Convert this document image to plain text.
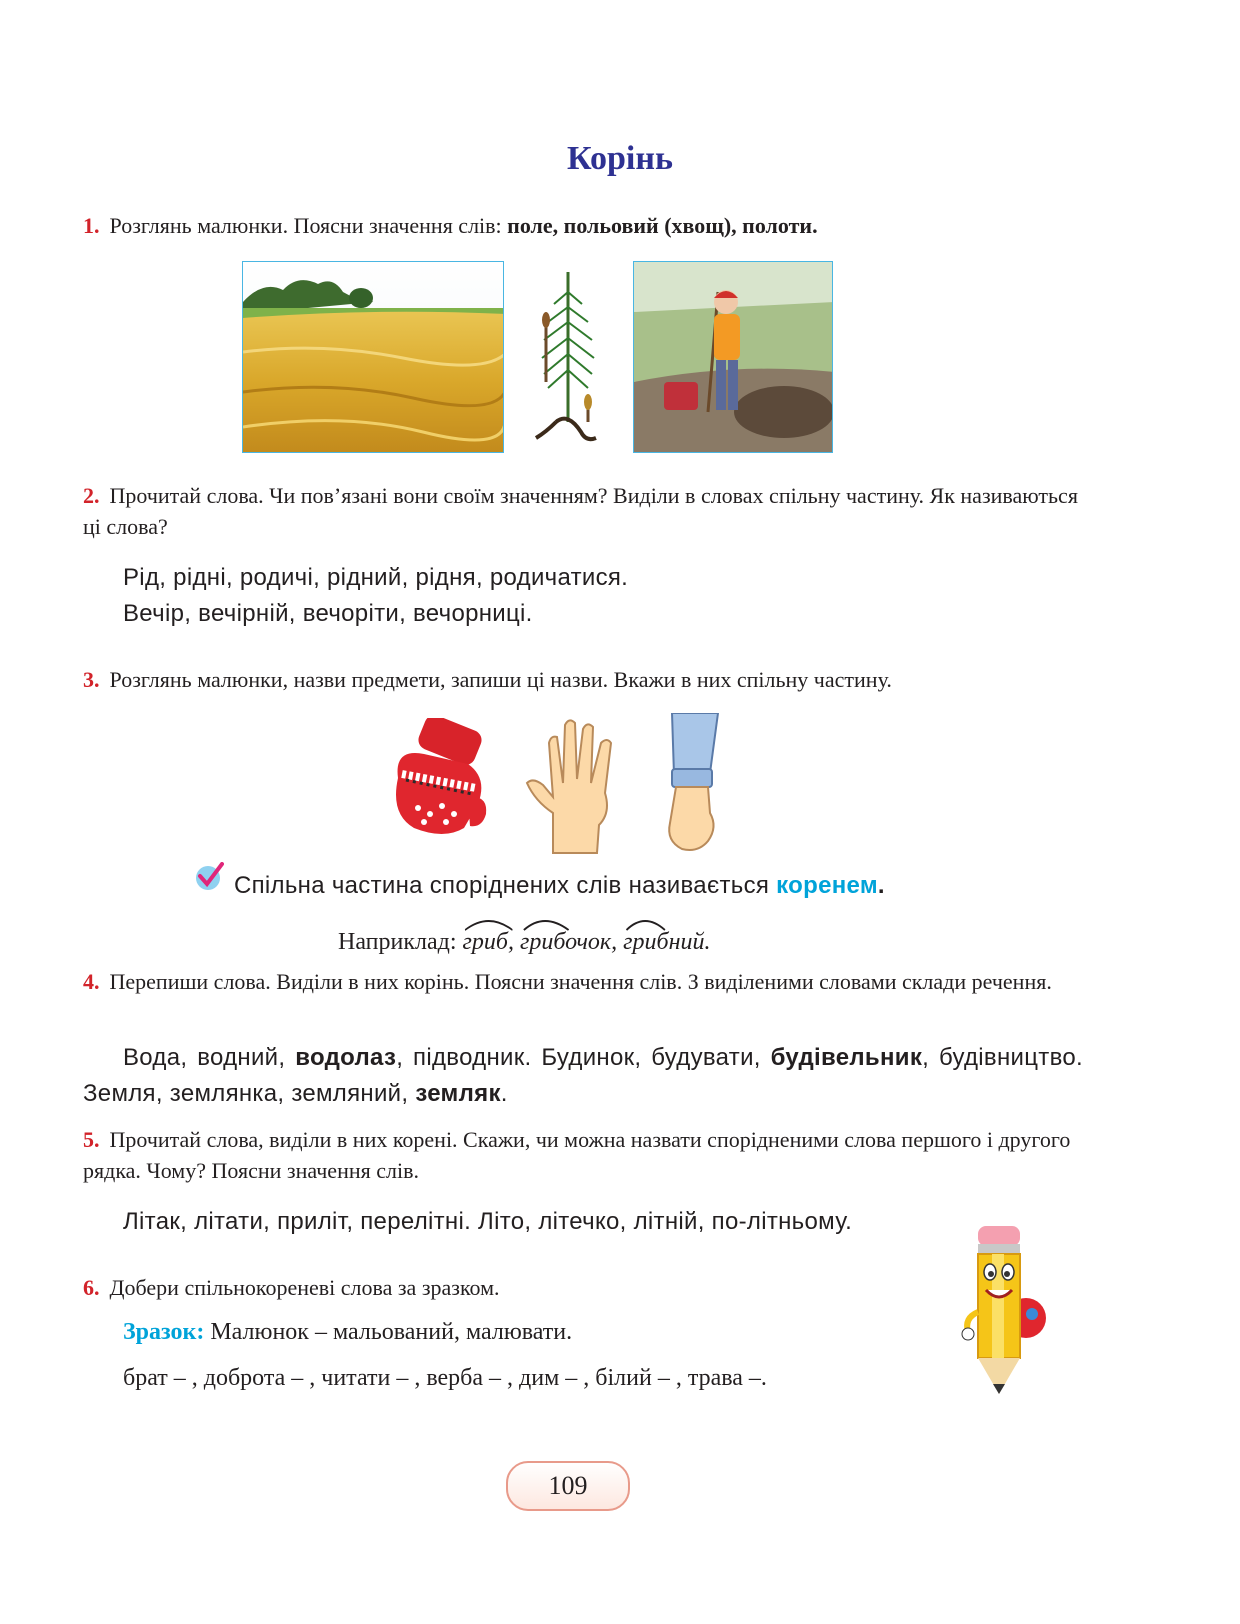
Корінь
1. Розглянь малюнки. Поясни значення слів: поле, польовий (хвощ), полоти.
2. Прочитай слова. Чи пов’язані вони своїм значенням? Виділи в словах спільну частину. Як називаються ці слова?
Рід, рідні, родичі, рідний, рідня, родичатися.
Вечір, вечірній, вечоріти, вечорниці.
3. Розглянь малюнки, назви предмети, запиши ці назви. Вкажи в них спільну частину.
Спільна частина споріднених слів називається коренем.
Наприклад:
гриб, грибочок, грибний.
4. Перепиши слова. Виділи в них корінь. Поясни значення слів. З виділеними словами склади речення.
Вода, водний, водолаз, підводник. Будинок, будувати, будівельник, будівництво. Земля, землянка, земляний, земляк.
5. Прочитай слова, виділи в них корені. Скажи, чи можна назвати спорідненими слова першого і другого рядка. Чому? Поясни значення слів.
Літак, літати, приліт, перелітні. Літо, літечко, літній, по-літньому.
6. Добери спільнокореневі слова за зразком.
Зразок: Малюнок – мальований, малювати.
брат – , доброта – , читати – , верба – , дим – , білий – , трава –.
109
